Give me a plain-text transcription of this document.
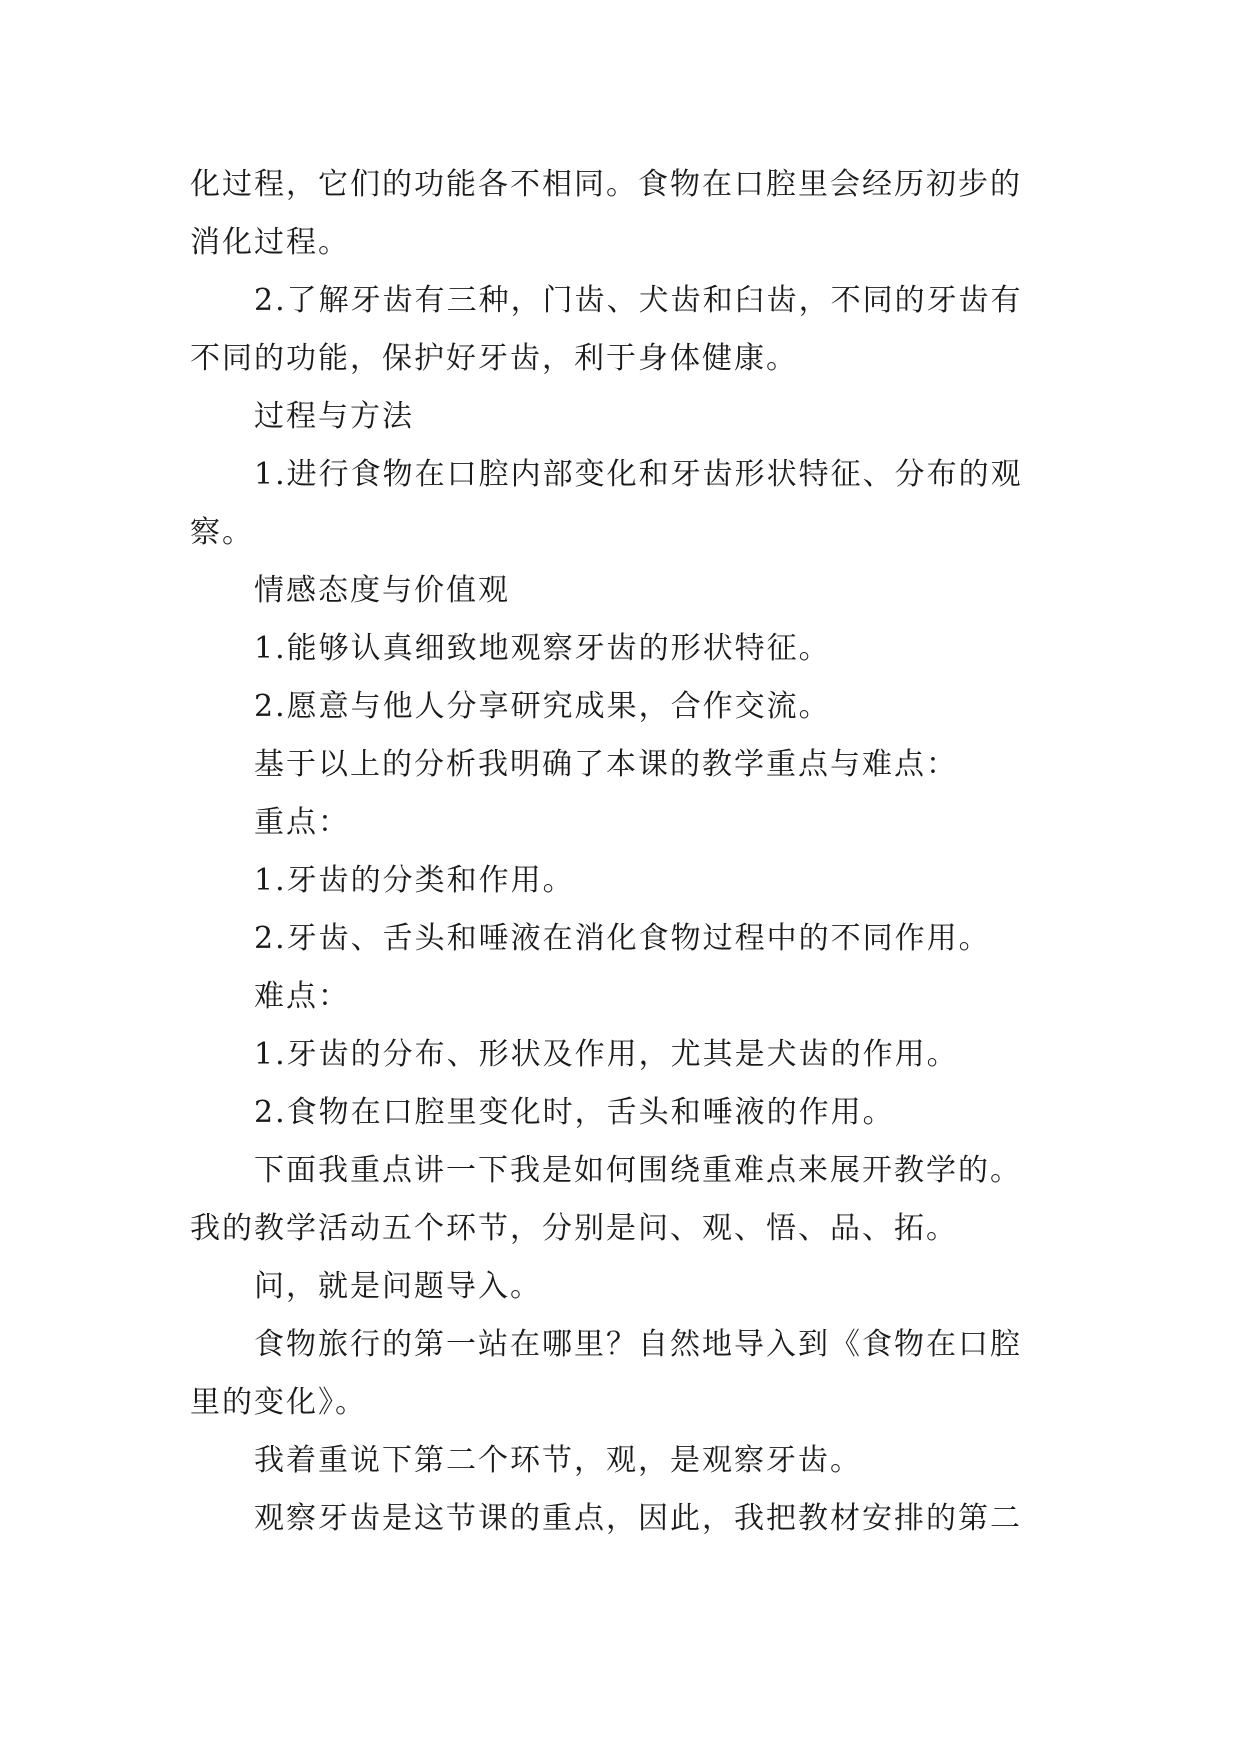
化过程，它们的功能各不相同。食物在口腔里会经历初步的
消化过程。
2.了解牙齿有三种，门齿、犬齿和臼齿，不同的牙齿有
不同的功能，保护好牙齿，利于身体健康。
过程与方法
1.进行食物在口腔内部变化和牙齿形状特征、分布的观
察。
情感态度与价值观
1.能够认真细致地观察牙齿的形状特征。
2.愿意与他人分享研究成果，合作交流。
基于以上的分析我明确了本课的教学重点与难点：
重点：
1.牙齿的分类和作用。
2.牙齿、舌头和唾液在消化食物过程中的不同作用。
难点：
1.牙齿的分布、形状及作用，尤其是犬齿的作用。
2.食物在口腔里变化时，舌头和唾液的作用。
下面我重点讲一下我是如何围绕重难点来展开教学的。
我的教学活动五个环节，分别是问、观、悟、品、拓。
问，就是问题导入。
食物旅行的第一站在哪里？自然地导入到《食物在口腔
里的变化》。
我着重说下第二个环节，观，是观察牙齿。
观察牙齿是这节课的重点，因此，我把教材安排的第二
